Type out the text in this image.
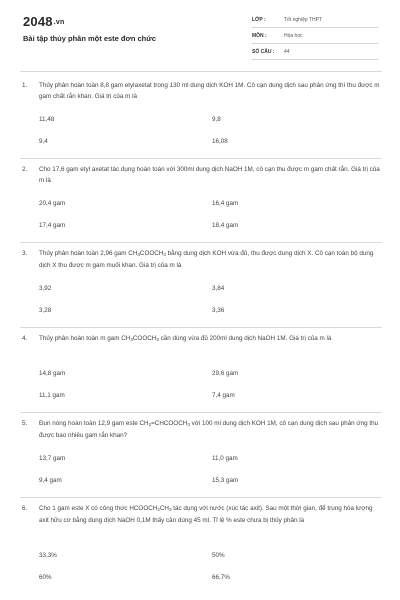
2048.vn
Bài tập thủy phân một este đơn chức
LỚP :	Tốt nghiệp THPT
MÔN :	Hóa học
SỐ CÂU : 44
1. Thủy phân hoàn toàn 8,8 gam etylaxetat trong 130 ml dung dịch KOH 1M. Cô cạn dung dịch sau phản ứng thì thu được m gam chất rắn khan. Giá trị của m là
11,48	9,8
9,4	16,08
2. Cho 17,6 gam etyl axetat tác dụng hoàn toàn với 300ml dung dịch NaOH 1M, cô cạn thu được m gam chất rắn. Giá trị của m là
20,4 gam	16,4 gam
17,4 gam	18,4 gam
3. Thủy phân hoàn toàn 2,96 gam $CH_3COOCH_3$ bằng dung dịch KOH vừa đủ, thu được dung dịch X. Cô cạn toàn bộ dung dịch X thu được m gam muối khan. Giá trị của m là
3,92	3,84
3,28	3,36
4. Thủy phân hoàn toàn m gam $CH_3COOCH_3$ cần dùng vừa đủ 200ml dung dịch NaOH 1M. Giá trị của m là
14,8 gam	29,6 gam
11,1 gam	7,4 gam
5. Đun nóng hoàn toàn 12,9 gam este $CH_2=CHCOOCH_3$ với 100 ml dung dịch KOH 1M, cô cạn dung dịch sau phản ứng thu được bao nhiêu gam rắn khan?
13,7 gam	11,0 gam
9,4 gam	15,3 gam
6. Cho 1 gam este X có công thức $HCOOCH_2CH_3$ tác dụng với nước (xúc tác axit). Sau một thời gian, để trung hòa lượng axit hữu cơ bằng dung dịch NaOH 0,1M thấy cần dùng 45 ml. Tỉ lệ % este chưa bị thủy phân là
33,3%	50%
60%	66,7%
